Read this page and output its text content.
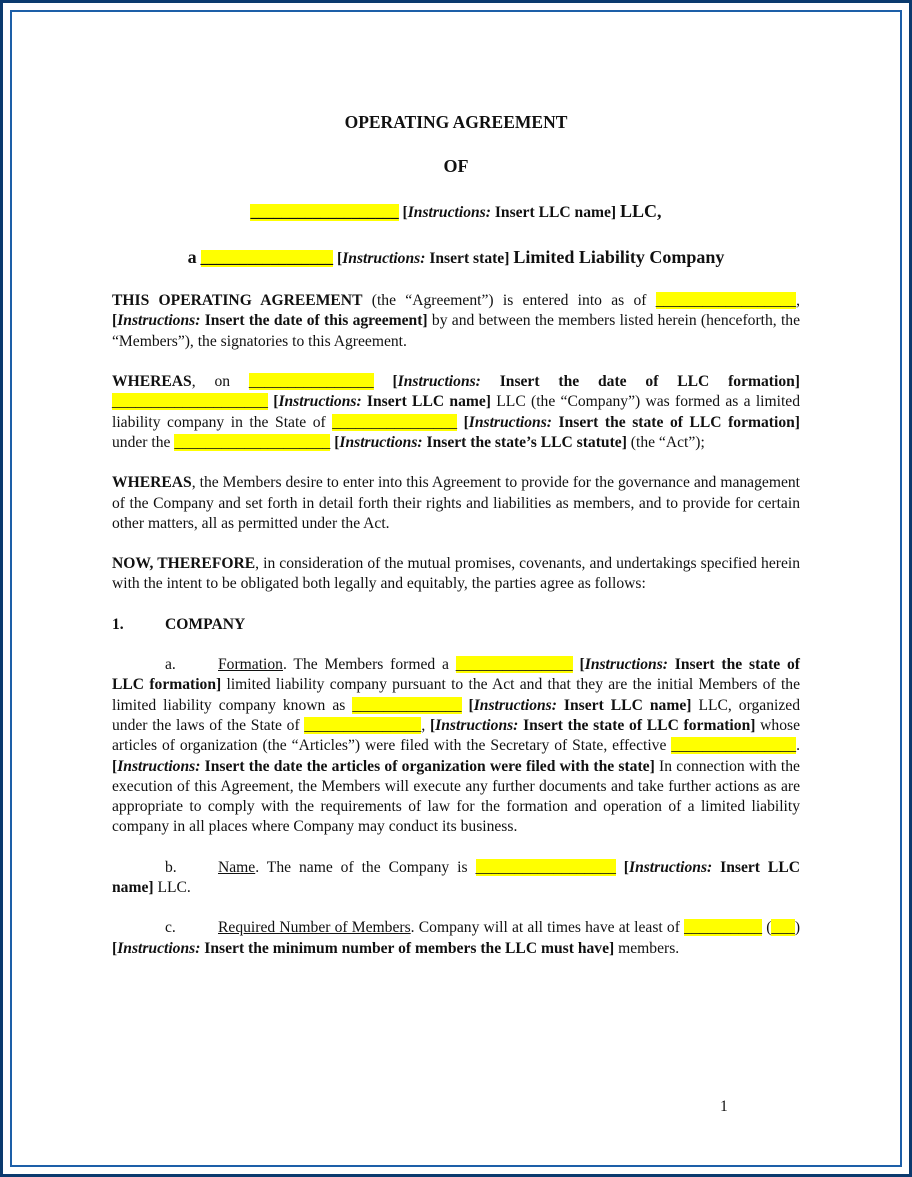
OPERATING AGREEMENT
OF
___________________ [Instructions: Insert LLC name] LLC,
a _________________ [Instructions: Insert state] Limited Liability Company

THIS OPERATING AGREEMENT (the “Agreement”) is entered into as of __________________, [Instructions: Insert the date of this agreement] by and between the members listed herein (henceforth, the “Members”), the signatories to this Agreement.

WHEREAS, on ________________ [Instructions: Insert the date of LLC formation] ____________________ [Instructions: Insert LLC name] LLC (the “Company”) was formed as a limited liability company in the State of ________________ [Instructions: Insert the state of LLC formation] under the ____________________ [Instructions: Insert the state’s LLC statute] (the “Act”);

WHEREAS, the Members desire to enter into this Agreement to provide for the governance and management of the Company and set forth in detail forth their rights and liabilities as members, and to provide for certain other matters, all as permitted under the Act.

NOW, THEREFORE, in consideration of the mutual promises, covenants, and undertakings specified herein with the intent to be obligated both legally and equitably, the parties agree as follows:

1.	COMPANY

a.	Formation. The Members formed a _______________ [Instructions: Insert the state of LLC formation] limited liability company pursuant to the Act and that they are the initial Members of the limited liability company known as ______________ [Instructions: Insert LLC name] LLC, organized under the laws of the State of _______________, [Instructions: Insert the state of LLC formation] whose articles of organization (the “Articles”) were filed with the Secretary of State, effective ________________. [Instructions: Insert the date the articles of organization were filed with the state] In connection with the execution of this Agreement, the Members will execute any further documents and take further actions as are appropriate to comply with the requirements of law for the formation and operation of a limited liability company in all places where Company may conduct its business.

b.	Name. The name of the Company is __________________ [Instructions: Insert LLC name] LLC.

c.	Required Number of Members. Company will at all times have at least of __________ (___) [Instructions: Insert the minimum number of members the LLC must have] members.

1
